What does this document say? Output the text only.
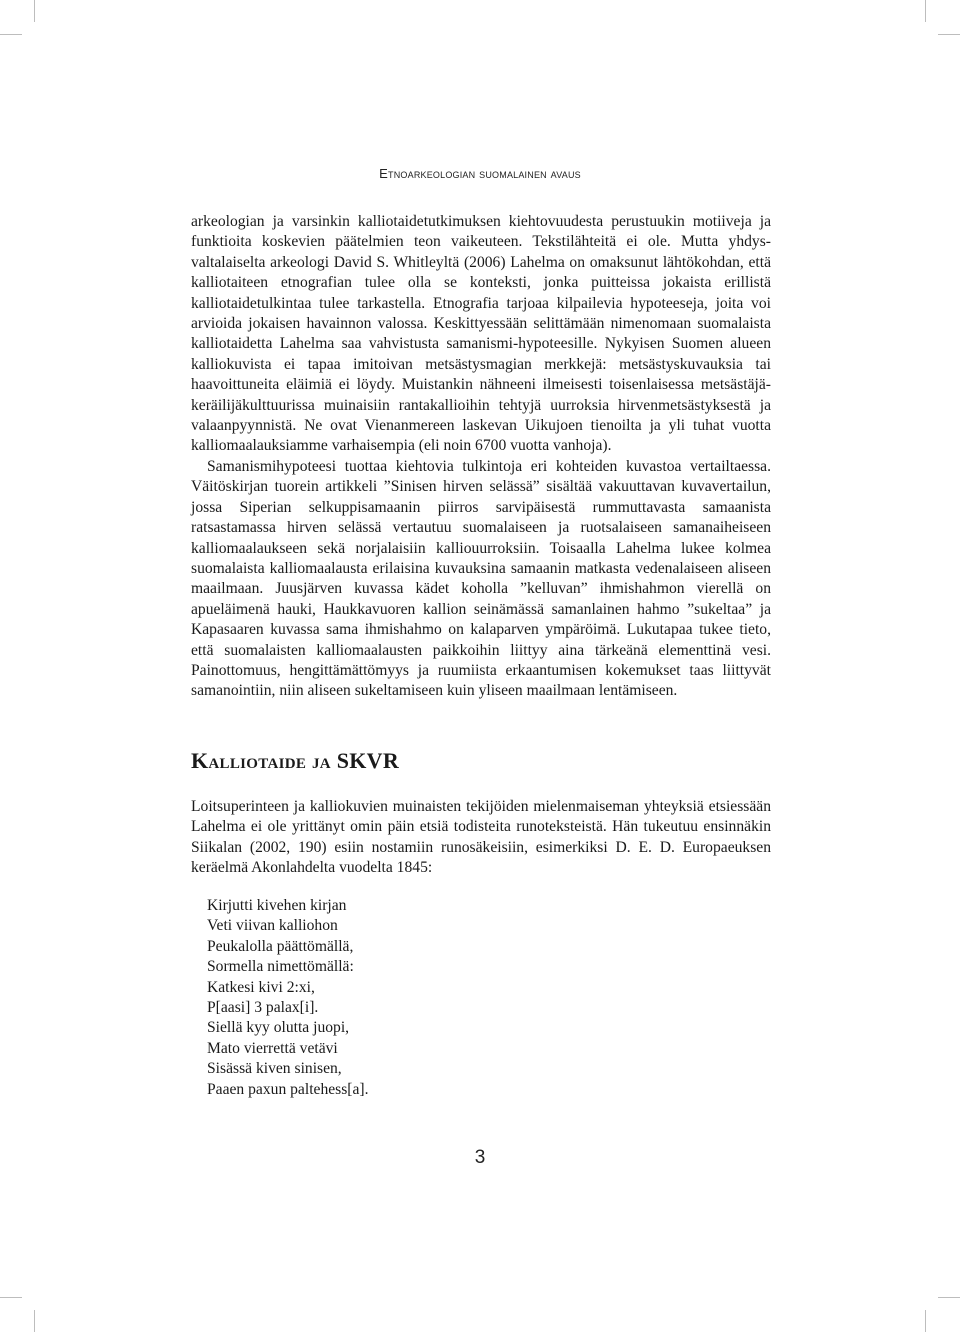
Etnoarkeologian suomalainen avaus

arkeologian ja varsinkin kalliotaidetutkimuksen kiehtovuudesta perustuukin motiiveja ja funktioita koskevien päätelmien teon vaikeuteen. Tekstilähteitä ei ole. Mutta yhdysvaltalaiselta arkeologi David S. Whitleyltä (2006) Lahelma on omaksunut lähtökohdan, että kalliotaiteen etnografian tulee olla se konteksti, jonka puitteissa jokaista erillistä kalliotaidetulkintaa tulee tarkastella. Etnografia tarjoaa kilpailevia hypoteeseja, joita voi arvioida jokaisen havainnon valossa. Keskittyessään selittämään nimenomaan suomalaista kalliotaidetta Lahelma saa vahvistusta samanismi-hypoteesille. Nykyisen Suomen alueen kalliokuvista ei tapaa imitoivan metsästysmagian merkkejä: metsästyskuvauksia tai haavoittuneita eläimiä ei löydy. Muistankin nähneeni ilmeisesti toisenlaisessa metsästäjä-keräilijäkulttuurissa muinaisiin rantakallioihin tehtyjä uurroksia hirvenmetsästyksestä ja valaanpyynnistä. Ne ovat Vienanmereen laskevan Uikujoen tienoilta ja yli tuhat vuotta kalliomaalauksiamme varhaisempia (eli noin 6700 vuotta vanhoja).

Samanismihypoteesi tuottaa kiehtovia tulkintoja eri kohteiden kuvastoa vertailtaessa. Väitöskirjan tuorein artikkeli ”Sinisen hirven selässä” sisältää vakuuttavan kuvavertailun, jossa Siperian selkuppisamaanin piirros sarvipäisestä rummuttavasta samaanista ratsastamassa hirven selässä vertautuu suomalaiseen ja ruotsalaiseen samanaiheiseen kalliomaalaukseen sekä norjalaisiin kalliouurroksiin. Toisaalla Lahelma lukee kolmea suomalaista kalliomaalausta erilaisina kuvauksina samaanin matkasta vedenalaiseen aliseen maailmaan. Juusjärven kuvassa kädet koholla ”kelluvan” ihmishahmon vierellä on apueläimenä hauki, Haukkavuoren kallion seinämässä samanlainen hahmo ”sukeltaa” ja Kapasaaren kuvassa sama ihmishahmo on kalaparven ympäröimä. Lukutapaa tukee tieto, että suomalaisten kalliomaalausten paikkoihin liittyy aina tärkeänä elementtinä vesi. Painottomuus, hengittämättömyys ja ruumiista erkaantumisen kokemukset taas liittyvät samanointiin, niin aliseen sukeltamiseen kuin yliseen maailmaan lentämiseen.

Kalliotaide ja SKVR

Loitsuperinteen ja kalliokuvien muinaisten tekijöiden mielenmaiseman yhteyksiä etsiessään Lahelma ei ole yrittänyt omin päin etsiä todisteita runoteksteistä. Hän tukeutuu ensinnäkin Siikalan (2002, 190) esiin nostamiin runosäkeisiin, esimerkiksi D. E. D. Europaeuksen keräelmä Akonlahdelta vuodelta 1845:

Kirjutti kivehen kirjan
Veti viivan kalliohon
Peukalolla päättömällä,
Sormella nimettömällä:
Katkesi kivi 2:xi,
P[aasi] 3 palax[i].
Siellä kyy olutta juopi,
Mato vierrettä vetävi
Sisässä kiven sinisen,
Paaen paxun paltehess[a].
3
